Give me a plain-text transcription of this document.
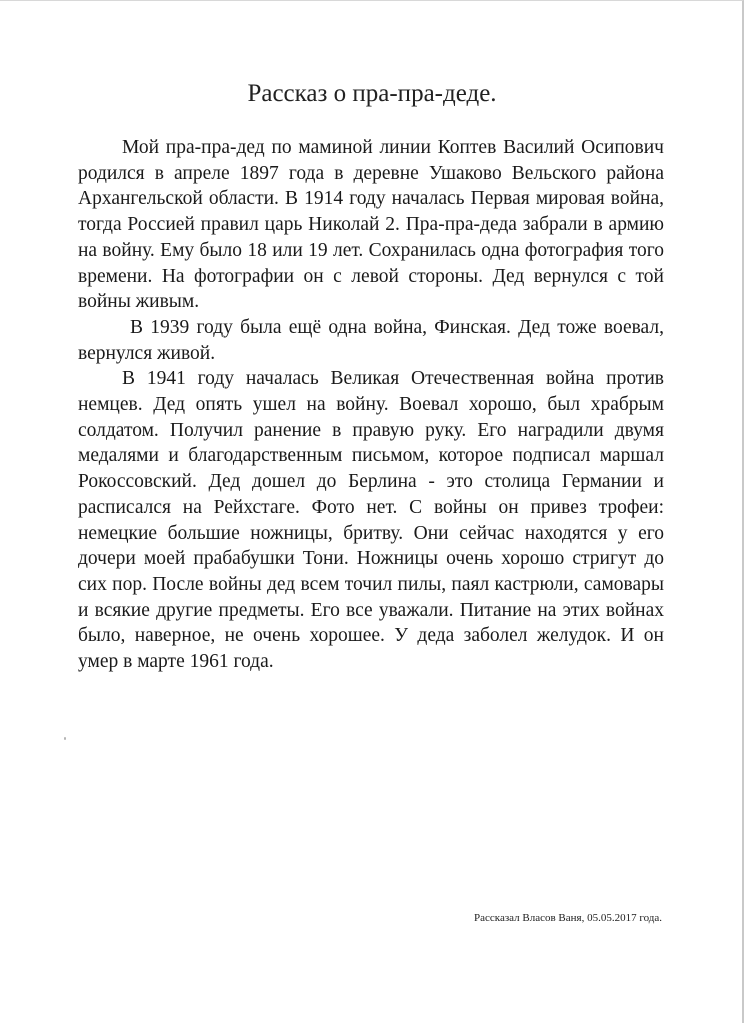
Рассказ о пра-пра-деде.

Мой пра-пра-дед по маминой линии Коптев Василий Осипович родился в апреле 1897 года в деревне Ушаково Вельского района Архангельской области. В 1914 году началась Первая мировая война, тогда Россией правил царь Николай 2. Пра-пра-деда забрали в армию на войну. Ему было 18 или 19 лет. Сохранилась одна фотография того времени. На фотографии он с левой стороны. Дед вернулся с той войны живым.

В 1939 году была ещё одна война, Финская. Дед тоже воевал, вернулся живой.

В 1941 году началась Великая Отечественная война против немцев. Дед опять ушел на войну. Воевал хорошо, был храбрым солдатом. Получил ранение в правую руку. Его наградили двумя медалями и благодарственным письмом, которое подписал маршал Рокоссовский. Дед дошел до Берлина - это столица Германии и расписался на Рейхстаге. Фото нет. С войны он привез трофеи: немецкие большие ножницы, бритву. Они сейчас находятся у его дочери моей прабабушки Тони. Ножницы очень хорошо стригут до сих пор. После войны дед всем точил пилы, паял кастрюли, самовары и всякие другие предметы. Его все уважали. Питание на этих войнах было, наверное, не очень хорошее. У деда заболел желудок. И он умер в марте 1961 года.

Рассказал Власов Ваня, 05.05.2017 года.
